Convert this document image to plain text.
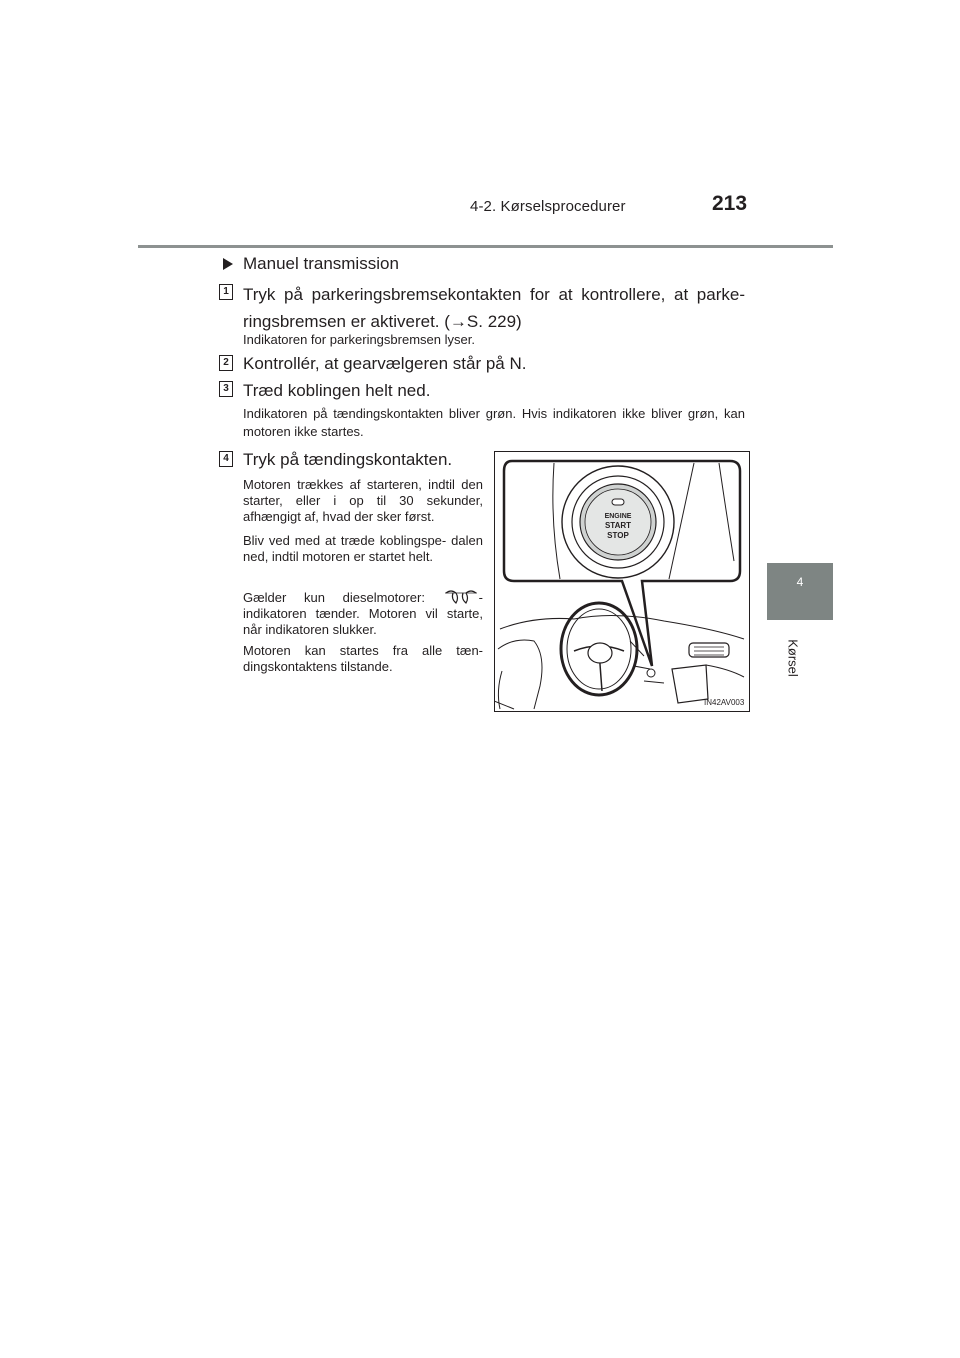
4-2. Kørselsprocedurer	213
4
Kørsel
Manuel transmission
1 Tryk på parkeringsbremsekontakten for at kontrollere, at parke- ringsbremsen er aktiveret. (→S. 229)
Indikatoren for parkeringsbremsen lyser.
2 Kontrollér, at gearvælgeren står på N.
3 Træd koblingen helt ned.
Indikatoren på tændingskontakten bliver grøn. Hvis indikatoren ikke bliver grøn, kan motoren ikke startes.
4 Tryk på tændingskontakten.
Motoren trækkes af starteren, indtil den starter, eller i op til 30 sekunder, afhængigt af, hvad der sker først.
Bliv ved med at træde koblingspe- dalen ned, indtil motoren er startet helt.
Gælder kun dieselmotorer:	-indikatoren tænder. Motoren vil starte, når indikatoren slukker.
Motoren kan startes fra alle tæn- dingskontaktens tilstande.
ENGINE
START
STOP
IN42AV003
